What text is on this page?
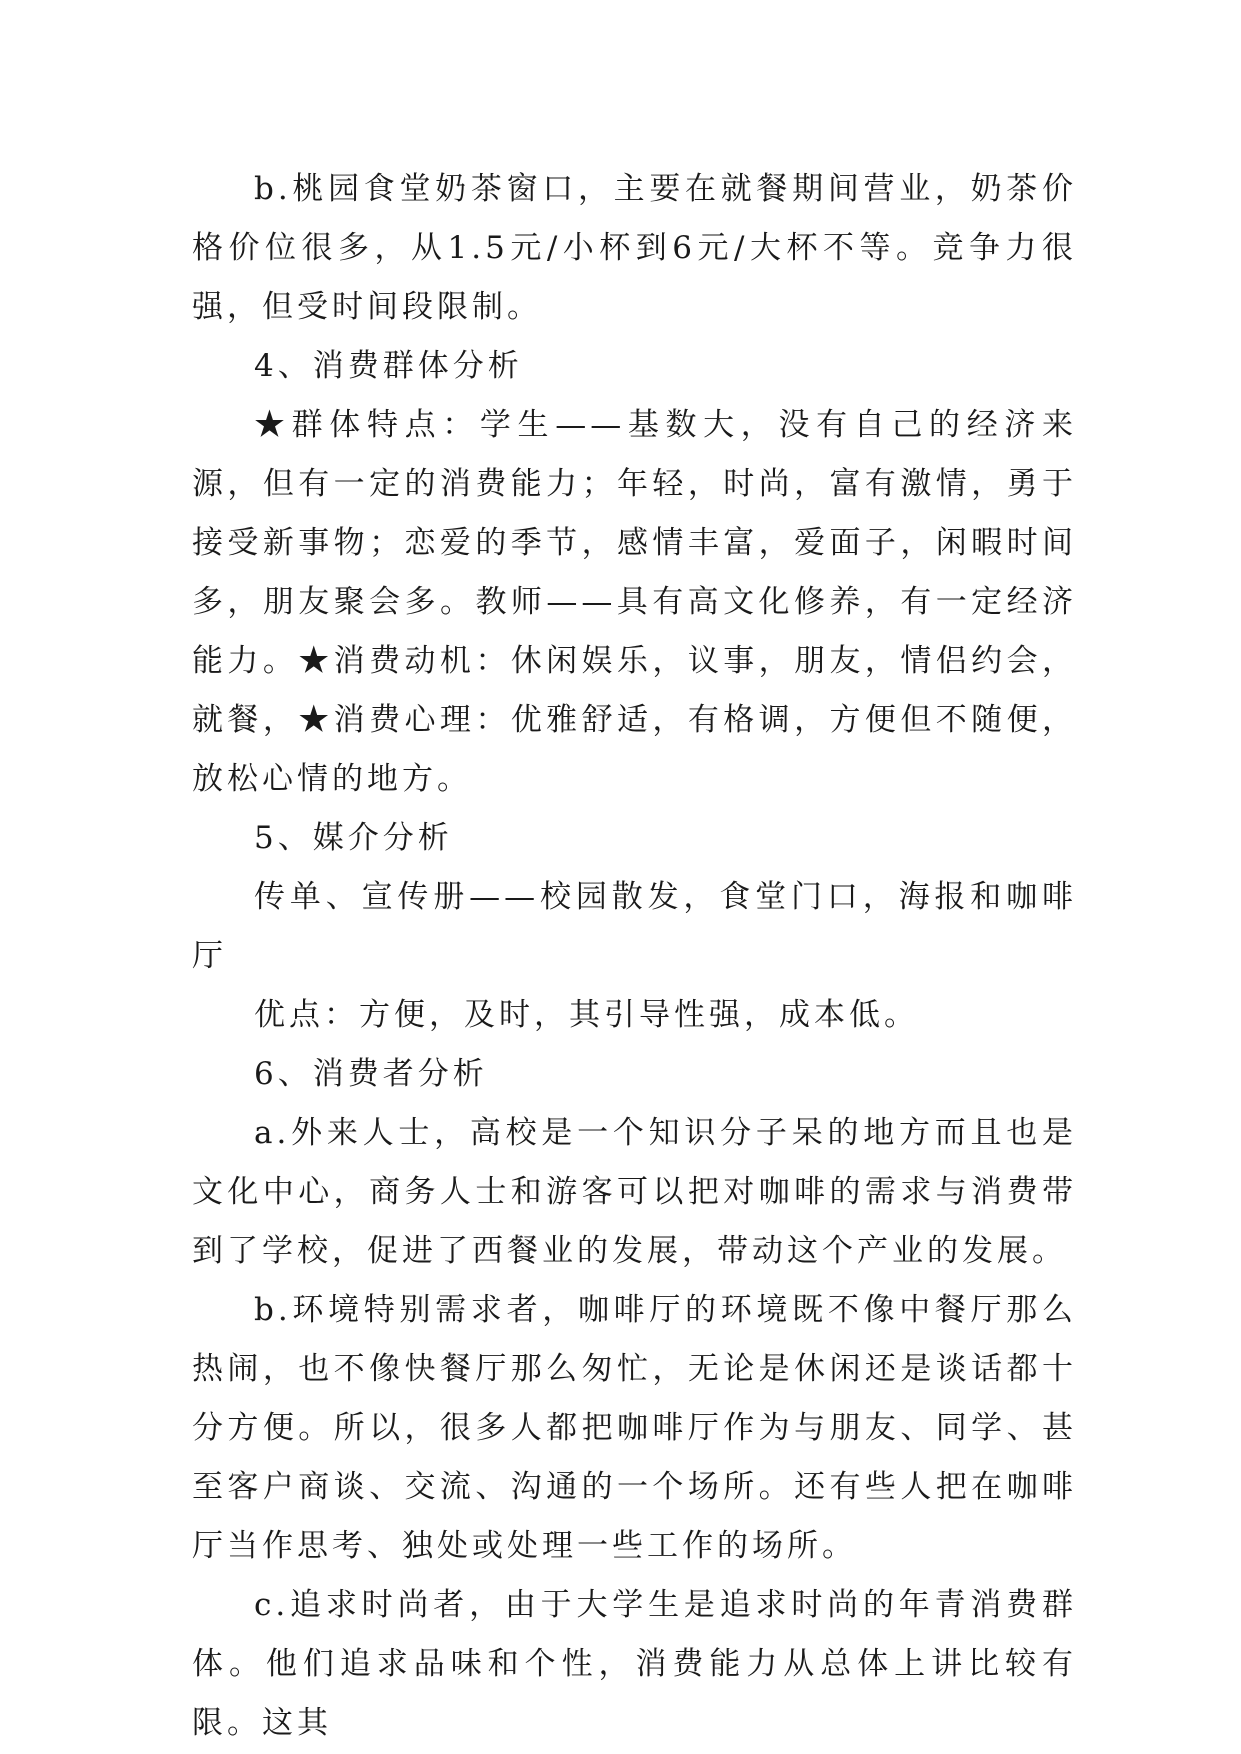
b.桃园食堂奶茶窗口，主要在就餐期间营业，奶茶价格价位很多，从1.5元/小杯到6元/大杯不等。竞争力很强，但受时间段限制。

4、消费群体分析

★群体特点：学生——基数大，没有自己的经济来源，但有一定的消费能力；年轻，时尚，富有激情，勇于接受新事物；恋爱的季节，感情丰富，爱面子，闲暇时间多，朋友聚会多。教师——具有高文化修养，有一定经济能力。★消费动机：休闲娱乐，议事，朋友，情侣约会，就餐，★消费心理：优雅舒适，有格调，方便但不随便，放松心情的地方。

5、媒介分析

传单、宣传册——校园散发，食堂门口，海报和咖啡厅

优点：方便，及时，其引导性强，成本低。

6、消费者分析

a.外来人士，高校是一个知识分子呆的地方而且也是文化中心，商务人士和游客可以把对咖啡的需求与消费带到了学校，促进了西餐业的发展，带动这个产业的发展。

b.环境特别需求者，咖啡厅的环境既不像中餐厅那么热闹，也不像快餐厅那么匆忙，无论是休闲还是谈话都十分方便。所以，很多人都把咖啡厅作为与朋友、同学、甚至客户商谈、交流、沟通的一个场所。还有些人把在咖啡厅当作思考、独处或处理一些工作的场所。

c.追求时尚者，由于大学生是追求时尚的年青消费群体。他们追求品味和个性，消费能力从总体上讲比较有限。这其
